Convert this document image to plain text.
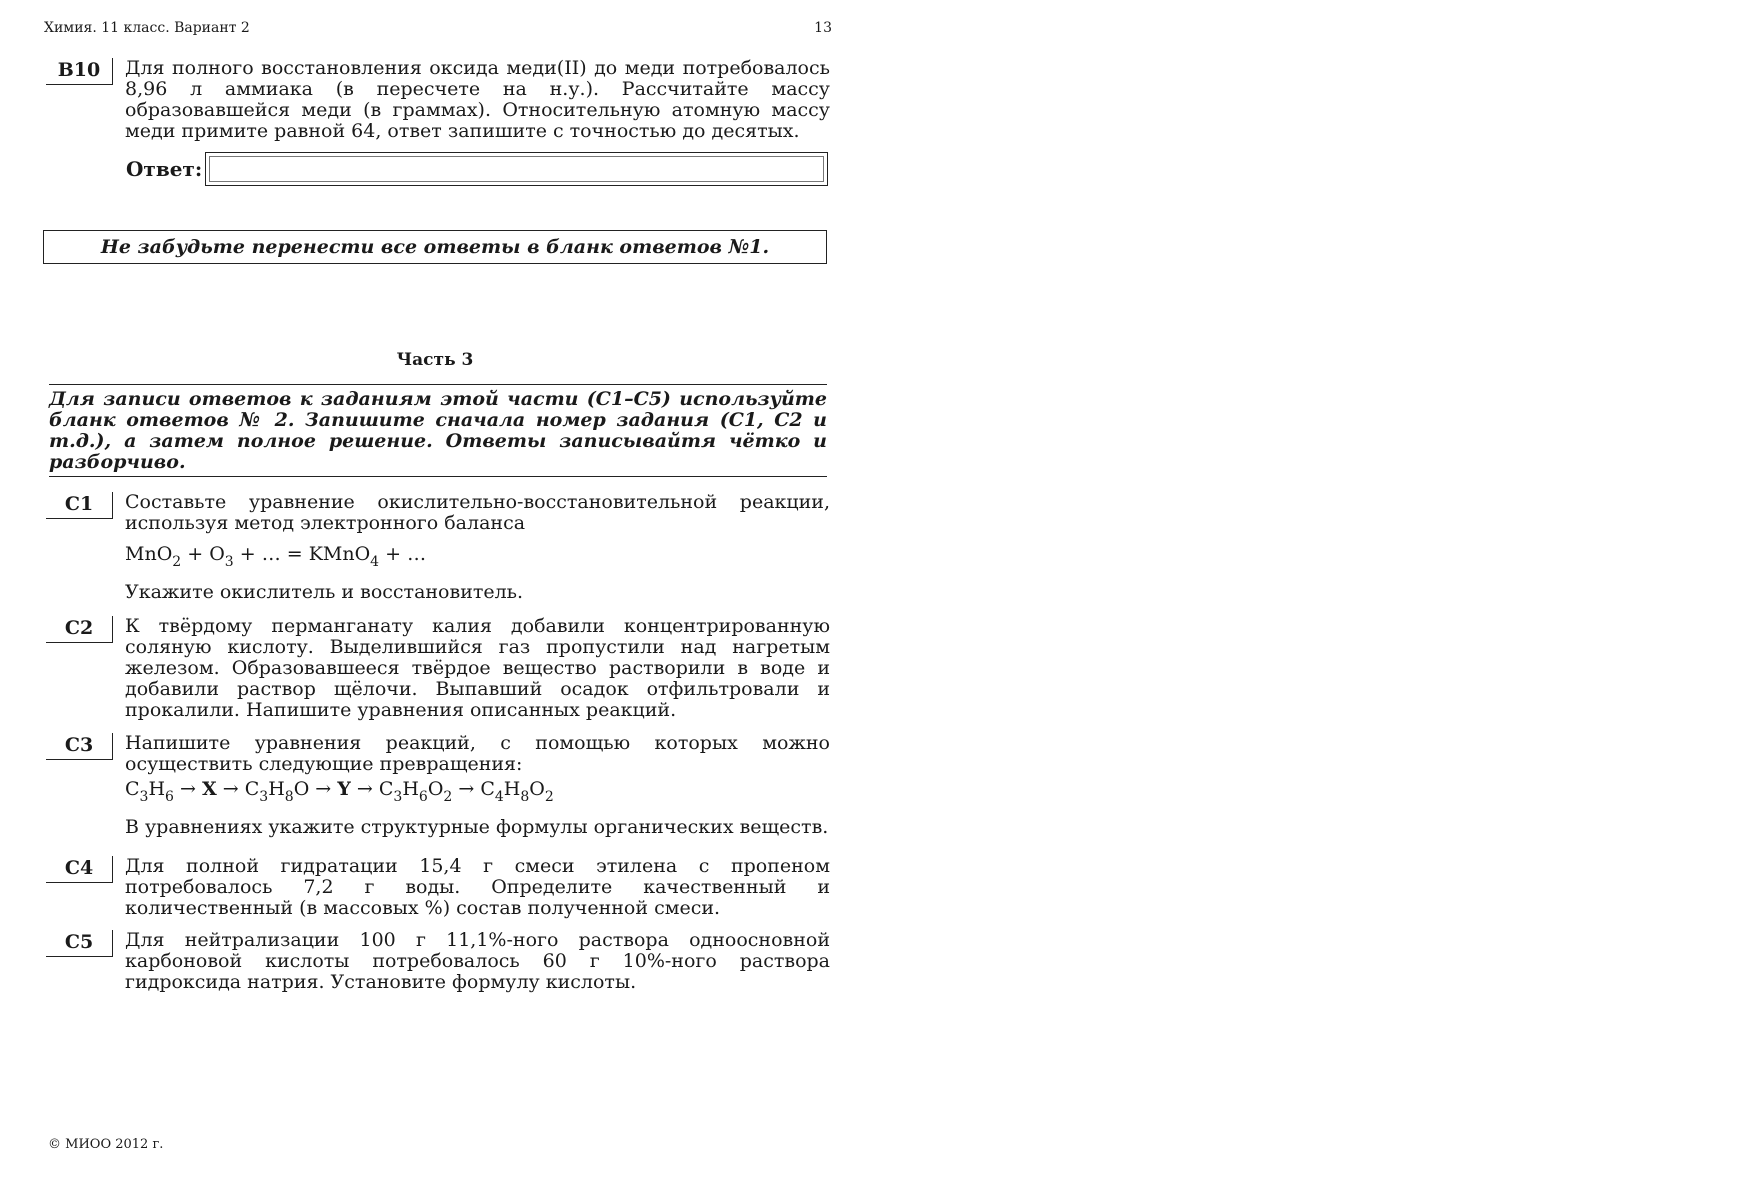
Химия. 11 класс. Вариант 2	13
В10	Для полного восстановления оксида меди(II) до меди потребовалось 8,96 л аммиака (в пересчете на н.у.). Рассчитайте массу образовавшейся меди (в граммах). Относительную атомную массу меди примите равной 64, ответ запишите с точностью до десятых.

Ответ:
Не забудьте перенести все ответы в бланк ответов №1.
Часть 3
Для записи ответов к заданиям этой части (С1–С5) используйте бланк ответов № 2. Запишите сначала номер задания (С1, С2 и т.д.), а затем полное решение. Ответы записывайтя чётко и разборчиво.
С1	Составьте уравнение окислительно-восстановительной реакции, используя метод электронного баланса

$MnO_2 + O_3$ + … = KMnO$_4$ + …

Укажите окислитель и восстановитель.

С2	К твёрдому перманганату калия добавили концентрированную соляную кислоту. Выделившийся газ пропустили над нагретым железом. Образовавшееся твёрдое вещество растворили в воде и добавили раствор щёлочи. Выпавший осадок отфильтровали и прокалили. Напишите уравнения описанных реакций.

С3	Напишите уравнения реакций, с помощью которых можно осуществить следующие превращения:

$C_3H_6 \to X \to C_3H_8O \to Y \to C_3H_6O_2 \to C_4H_8O_2$

В уравнениях укажите структурные формулы органических веществ.

С4	Для полной гидратации 15,4 г смеси этилена с пропеном потребовалось 7,2 г воды. Определите качественный и количественный (в массовых %) состав полученной смеси.

С5	Для нейтрализации 100 г 11,1%-ного раствора одноосновной карбоновой кислоты потребовалось 60 г 10%-ного раствора гидроксида натрия. Установите формулу кислоты.

© МИОО 2012 г.
